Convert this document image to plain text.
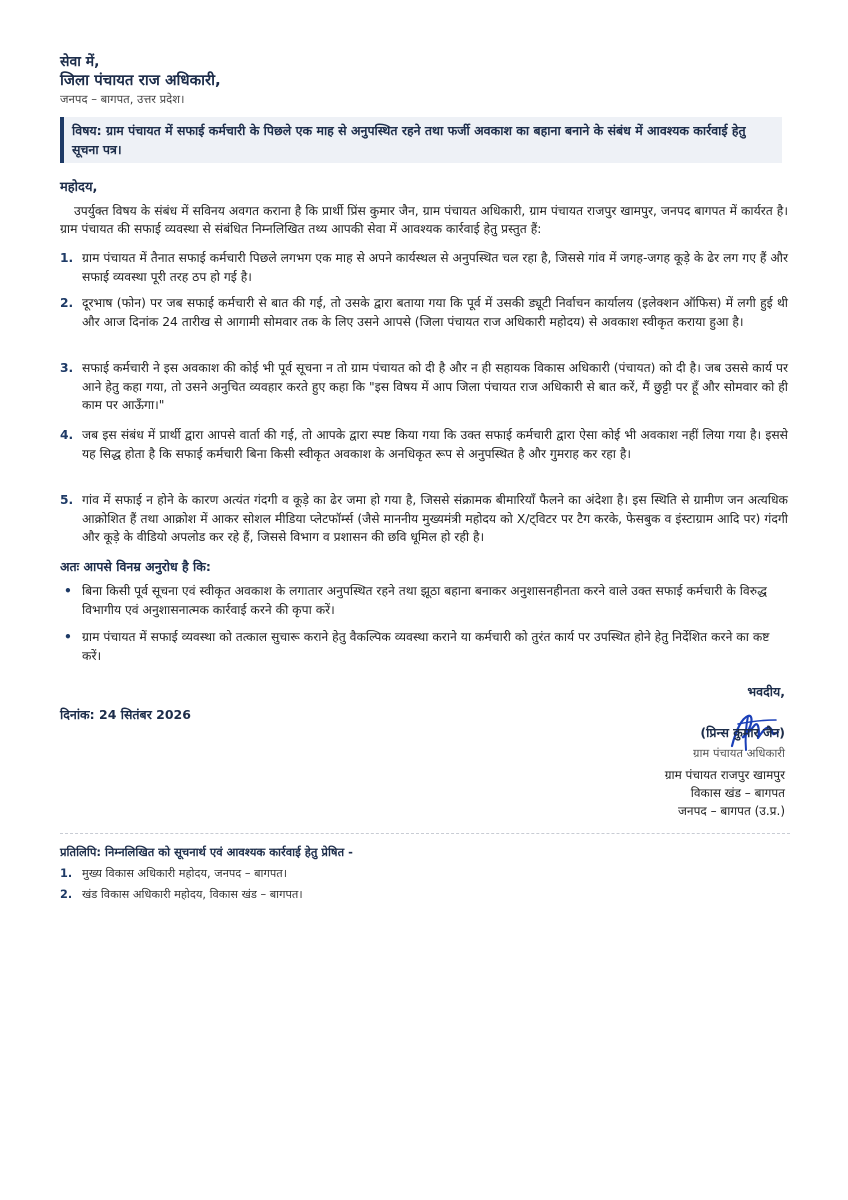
सेवा में,
जिला पंचायत राज अधिकारी,
जनपद – बागपत, उत्तर प्रदेश।
विषय: ग्राम पंचायत में सफाई कर्मचारी के पिछले एक माह से अनुपस्थित रहने तथा फर्जी अवकाश का बहाना बनाने के संबंध में आवश्यक कार्रवाई हेतु सूचना पत्र।
महोदय,
उपर्युक्त विषय के संबंध में सविनय अवगत कराना है कि प्रार्थी प्रिंस कुमार जैन, ग्राम पंचायत अधिकारी, ग्राम पंचायत राजपुर खामपुर, जनपद बागपत में कार्यरत है। ग्राम पंचायत की सफाई व्यवस्था से संबंधित निम्नलिखित तथ्य आपकी सेवा में आवश्यक कार्रवाई हेतु प्रस्तुत हैं:
1. ग्राम पंचायत में तैनात सफाई कर्मचारी पिछले लगभग एक माह से अपने कार्यस्थल से अनुपस्थित चल रहा है, जिससे गांव में जगह-जगह कूड़े के ढेर लग गए हैं और सफाई व्यवस्था पूरी तरह ठप हो गई है।
2. दूरभाष (फोन) पर जब सफाई कर्मचारी से बात की गई, तो उसके द्वारा बताया गया कि पूर्व में उसकी ड्यूटी निर्वाचन कार्यालय (इलेक्शन ऑफिस) में लगी हुई थी और आज दिनांक 24 तारीख से आगामी सोमवार तक के लिए उसने आपसे (जिला पंचायत राज अधिकारी महोदय) से अवकाश स्वीकृत कराया हुआ है।
3. सफाई कर्मचारी ने इस अवकाश की कोई भी पूर्व सूचना न तो ग्राम पंचायत को दी है और न ही सहायक विकास अधिकारी (पंचायत) को दी है। जब उससे कार्य पर आने हेतु कहा गया, तो उसने अनुचित व्यवहार करते हुए कहा कि "इस विषय में आप जिला पंचायत राज अधिकारी से बात करें, मैं छुट्टी पर हूँ और सोमवार को ही काम पर आऊँगा।"
4. जब इस संबंध में प्रार्थी द्वारा आपसे वार्ता की गई, तो आपके द्वारा स्पष्ट किया गया कि उक्त सफाई कर्मचारी द्वारा ऐसा कोई भी अवकाश नहीं लिया गया है। इससे यह सिद्ध होता है कि सफाई कर्मचारी बिना किसी स्वीकृत अवकाश के अनधिकृत रूप से अनुपस्थित है और गुमराह कर रहा है।
5. गांव में सफाई न होने के कारण अत्यंत गंदगी व कूड़े का ढेर जमा हो गया है, जिससे संक्रामक बीमारियाँ फैलने का अंदेशा है। इस स्थिति से ग्रामीण जन अत्यधिक आक्रोशित हैं तथा आक्रोश में आकर सोशल मीडिया प्लेटफॉर्म्स (जैसे माननीय मुख्यमंत्री महोदय को X/ट्विटर पर टैग करके, फेसबुक व इंस्टाग्राम आदि पर) गंदगी और कूड़े के वीडियो अपलोड कर रहे हैं, जिससे विभाग व प्रशासन की छवि धूमिल हो रही है।
अतः आपसे विनम्र अनुरोध है कि:
• बिना किसी पूर्व सूचना एवं स्वीकृत अवकाश के लगातार अनुपस्थित रहने तथा झूठा बहाना बनाकर अनुशासनहीनता करने वाले उक्त सफाई कर्मचारी के विरुद्ध विभागीय एवं अनुशासनात्मक कार्रवाई करने की कृपा करें।
• ग्राम पंचायत में सफाई व्यवस्था को तत्काल सुचारू कराने हेतु वैकल्पिक व्यवस्था कराने या कर्मचारी को तुरंत कार्य पर उपस्थित होने हेतु निर्देशित करने का कष्ट करें।
भवदीय,
दिनांक: 24 सितंबर 2026
(प्रिन्स कुमार जैन)
ग्राम पंचायत अधिकारी
ग्राम पंचायत राजपुर खामपुर
विकास खंड – बागपत
जनपद – बागपत (उ.प्र.)
प्रतिलिपि: निम्नलिखित को सूचनार्थ एवं आवश्यक कार्रवाई हेतु प्रेषित -
1. मुख्य विकास अधिकारी महोदय, जनपद – बागपत।
2. खंड विकास अधिकारी महोदय, विकास खंड – बागपत।
